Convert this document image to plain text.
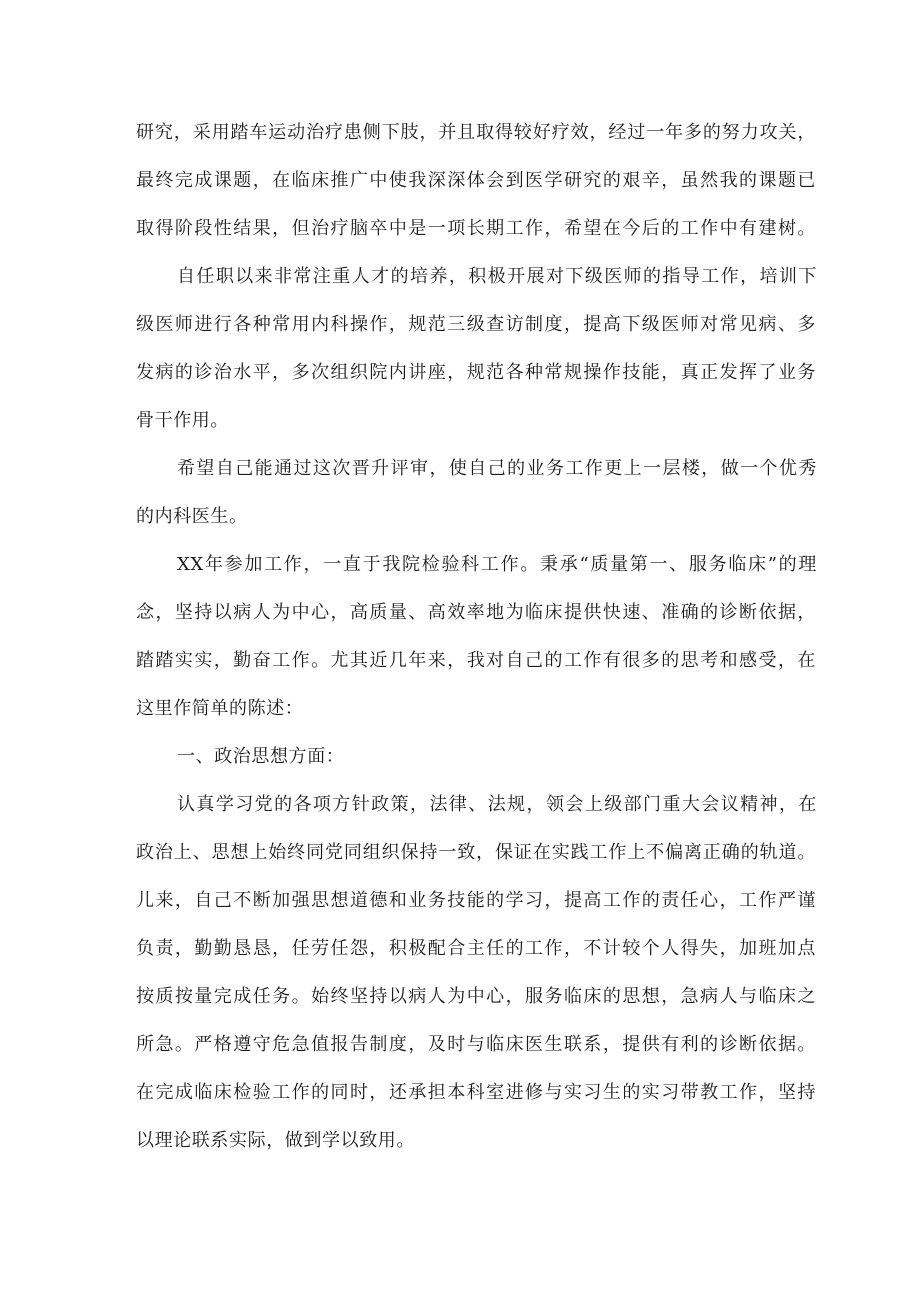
研究，采用踏车运动治疗患侧下肢，并且取得较好疗效，经过一年多的努力攻关，
最终完成课题，在临床推广中使我深深体会到医学研究的艰辛，虽然我的课题已
取得阶段性结果，但治疗脑卒中是一项长期工作，希望在今后的工作中有建树。
自任职以来非常注重人才的培养，积极开展对下级医师的指导工作，培训下
级医师进行各种常用内科操作，规范三级查访制度，提高下级医师对常见病、多
发病的诊治水平，多次组织院内讲座，规范各种常规操作技能，真正发挥了业务
骨干作用。
希望自己能通过这次晋升评审，使自己的业务工作更上一层楼，做一个优秀
的内科医生。
XX年参加工作，一直于我院检验科工作。秉承“质量第一、服务临床”的理
念，坚持以病人为中心，高质量、高效率地为临床提供快速、准确的诊断依据，
踏踏实实，勤奋工作。尤其近几年来，我对自己的工作有很多的思考和感受，在
这里作简单的陈述：
一、政治思想方面：
认真学习党的各项方针政策，法律、法规，领会上级部门重大会议精神，在
政治上、思想上始终同党同组织保持一致，保证在实践工作上不偏离正确的轨道。
儿来，自己不断加强思想道德和业务技能的学习，提高工作的责任心，工作严谨
负责，勤勤恳恳，任劳任怨，积极配合主任的工作，不计较个人得失，加班加点
按质按量完成任务。始终坚持以病人为中心，服务临床的思想，急病人与临床之
所急。严格遵守危急值报告制度，及时与临床医生联系，提供有利的诊断依据。
在完成临床检验工作的同时，还承担本科室进修与实习生的实习带教工作，坚持
以理论联系实际，做到学以致用。
